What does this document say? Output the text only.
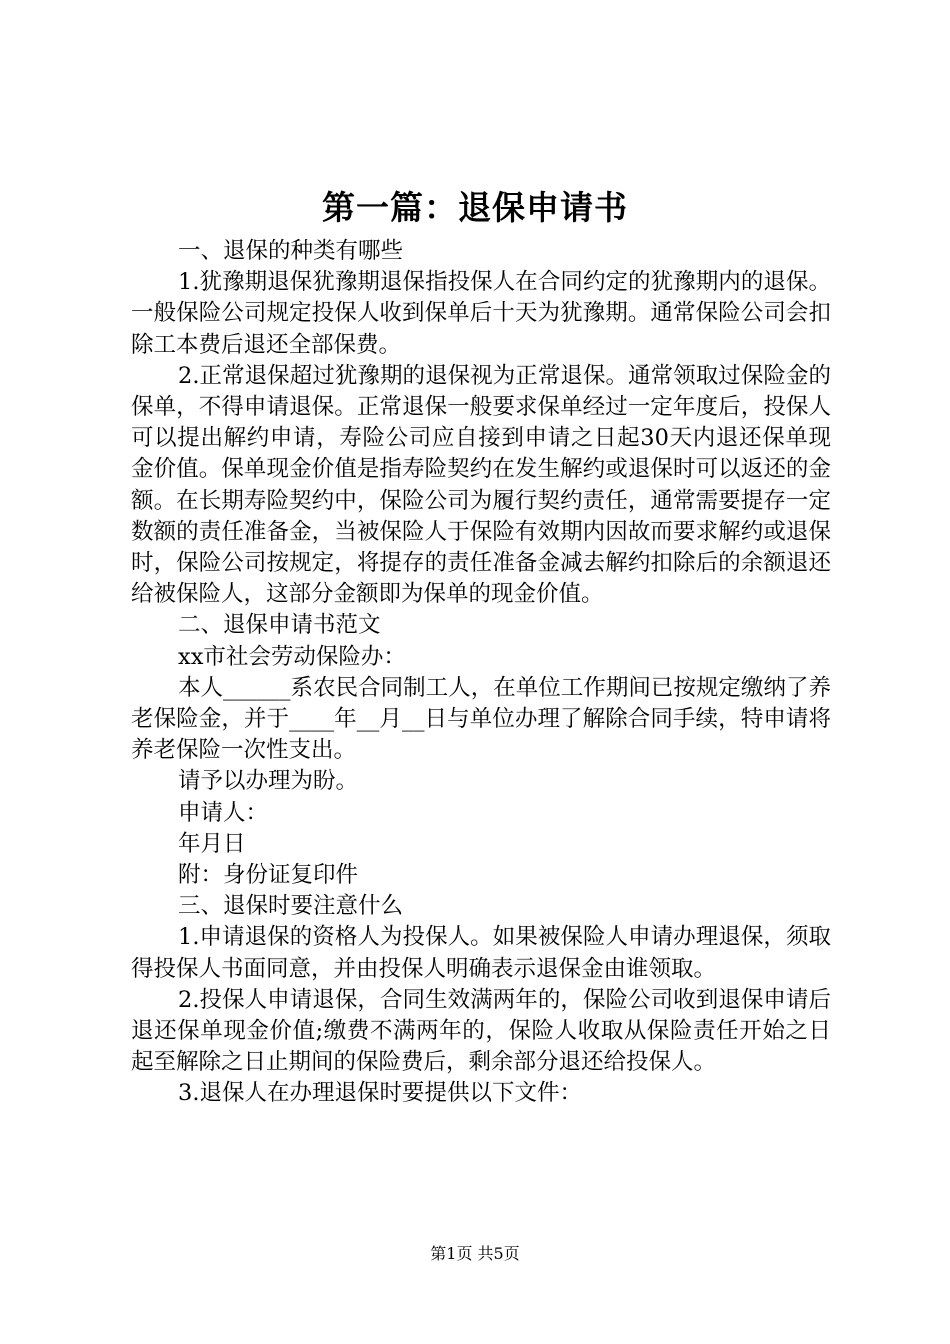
第一篇：退保申请书

一、退保的种类有哪些

1.犹豫期退保犹豫期退保指投保人在合同约定的犹豫期内的退保。一般保险公司规定投保人收到保单后十天为犹豫期。通常保险公司会扣除工本费后退还全部保费。

2.正常退保超过犹豫期的退保视为正常退保。通常领取过保险金的保单，不得申请退保。正常退保一般要求保单经过一定年度后，投保人可以提出解约申请，寿险公司应自接到申请之日起30天内退还保单现金价值。保单现金价值是指寿险契约在发生解约或退保时可以返还的金额。在长期寿险契约中，保险公司为履行契约责任，通常需要提存一定数额的责任准备金，当被保险人于保险有效期内因故而要求解约或退保时，保险公司按规定，将提存的责任准备金减去解约扣除后的余额退还给被保险人，这部分金额即为保单的现金价值。

二、退保申请书范文

xx市社会劳动保险办：

本人______系农民合同制工人，在单位工作期间已按规定缴纳了养老保险金，并于____年__月__日与单位办理了解除合同手续，特申请将养老保险一次性支出。

请予以办理为盼。

申请人：

年月日

附：身份证复印件

三、退保时要注意什么

1.申请退保的资格人为投保人。如果被保险人申请办理退保，须取得投保人书面同意，并由投保人明确表示退保金由谁领取。

2.投保人申请退保，合同生效满两年的，保险公司收到退保申请后退还保单现金价值;缴费不满两年的，保险人收取从保险责任开始之日起至解除之日止期间的保险费后，剩余部分退还给投保人。

3.退保人在办理退保时要提供以下文件：

第1页 共5页
